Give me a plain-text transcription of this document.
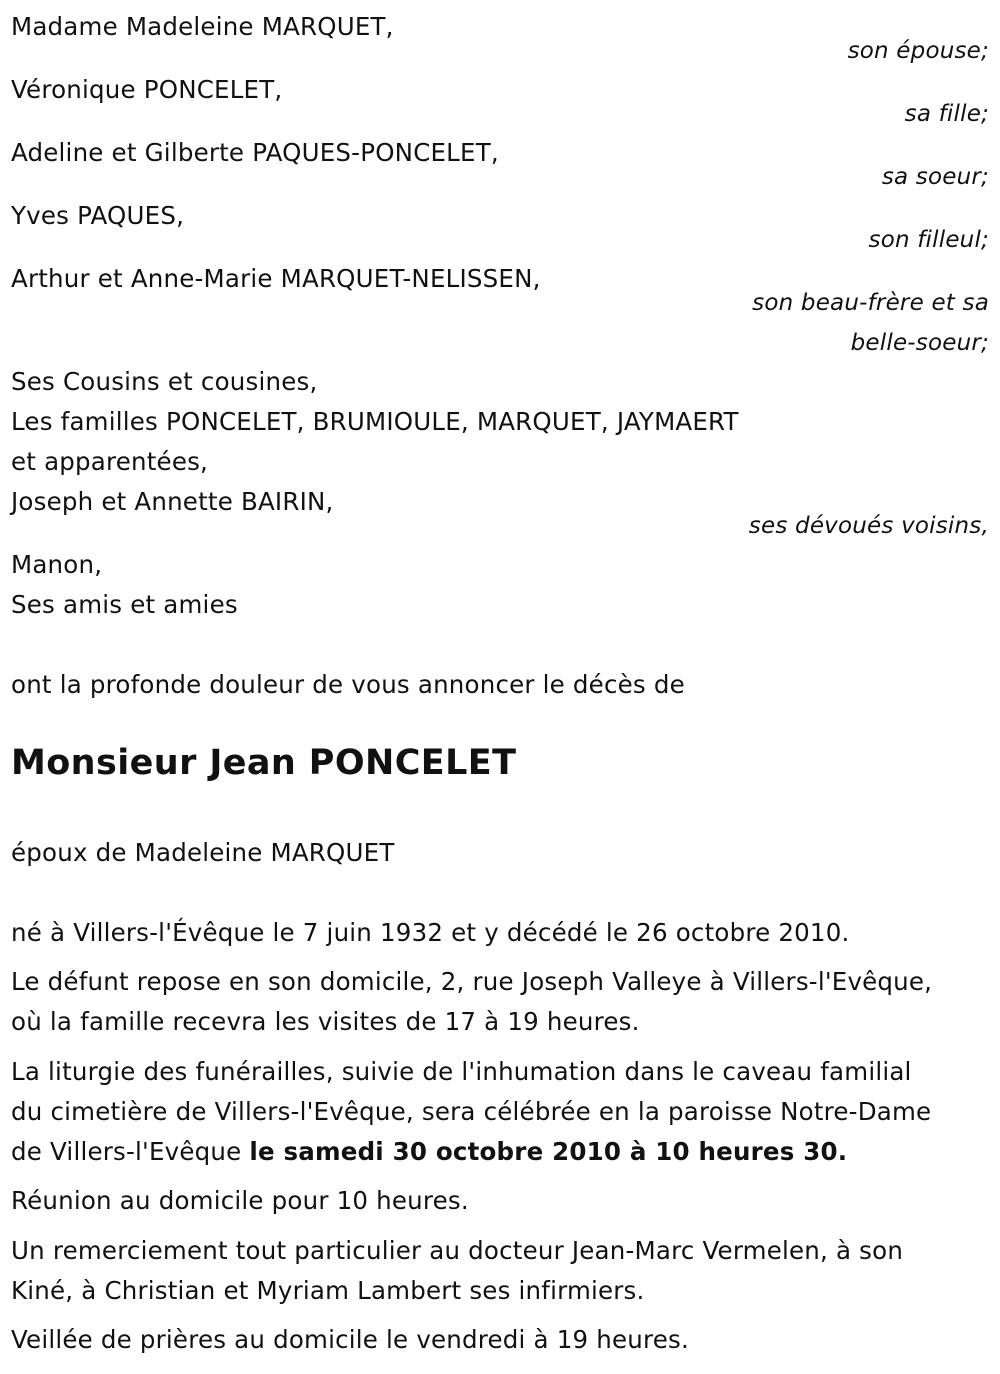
Madame Madeleine MARQUET,
son épouse;
Véronique PONCELET,
sa fille;
Adeline et Gilberte PAQUES-PONCELET,
sa soeur;
Yves PAQUES,
son filleul;
Arthur et Anne-Marie MARQUET-NELISSEN,
son beau-frère et sa
belle-soeur;
Ses Cousins et cousines,
Les familles PONCELET, BRUMIOULE, MARQUET, JAYMAERT
et apparentées,
Joseph et Annette BAIRIN,
ses dévoués voisins,
Manon,
Ses amis et amies
ont la profonde douleur de vous annoncer le décès de
Monsieur Jean PONCELET
époux de Madeleine MARQUET
né à Villers-l'Évêque le 7 juin 1932 et y décédé le 26 octobre 2010.
Le défunt repose en son domicile, 2, rue Joseph Valleye à Villers-l'Evêque,
où la famille recevra les visites de 17 à 19 heures.
La liturgie des funérailles, suivie de l'inhumation dans le caveau familial
du cimetière de Villers-l'Evêque, sera célébrée en la paroisse Notre-Dame
de Villers-l'Evêque le samedi 30 octobre 2010 à 10 heures 30.
Réunion au domicile pour 10 heures.
Un remerciement tout particulier au docteur Jean-Marc Vermelen, à son
Kiné, à Christian et Myriam Lambert ses infirmiers.
Veillée de prières au domicile le vendredi à 19 heures.
